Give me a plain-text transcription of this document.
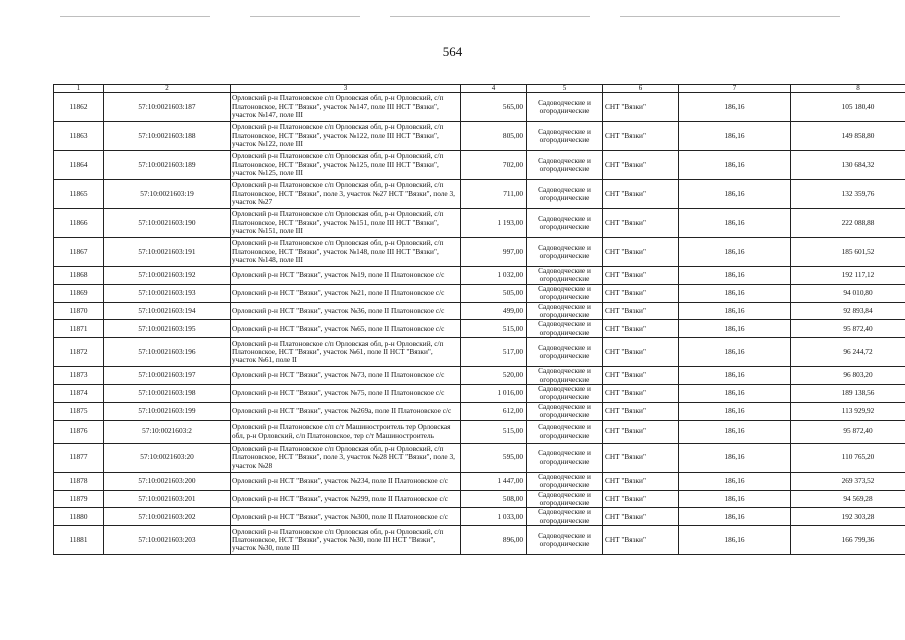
564
1	2	3	4	5	6	7	8
11862	57:10:0021603:187	Орловский р-н Платоновское с/п Орловская обл, р-н Орловский, с/п Платоновское, НСТ "Вязки", участок №147, поле III НСТ "Вязки", участок №147, поле III	565,00	Садоводческие и огороднические	СНТ "Вязки"	186,16	105 180,40
11863	57:10:0021603:188	Орловский р-н Платоновское с/п Орловская обл, р-н Орловский, с/п Платоновское, НСТ "Вязки", участок №122, поле III НСТ "Вязки", участок №122, поле III	805,00	Садоводческие и огороднические	СНТ "Вязки"	186,16	149 858,80
11864	57:10:0021603:189	Орловский р-н Платоновское с/п Орловская обл, р-н Орловский, с/п Платоновское, НСТ "Вязки", участок №125, поле III НСТ "Вязки", участок №125, поле III	702,00	Садоводческие и огороднические	СНТ "Вязки"	186,16	130 684,32
11865	57:10:0021603:19	Орловский р-н Платоновское с/п Орловская обл, р-н Орловский, с/п Платоновское, НСТ "Вязки", поле 3, участок №27 НСТ "Вязки", поле 3, участок №27	711,00	Садоводческие и огороднические	СНТ "Вязки"	186,16	132 359,76
11866	57:10:0021603:190	Орловский р-н Платоновское с/п Орловская обл, р-н Орловский, с/п Платоновское, НСТ "Вязки", участок №151, поле III НСТ "Вязки", участок №151, поле III	1 193,00	Садоводческие и огороднические	СНТ "Вязки"	186,16	222 088,88
11867	57:10:0021603:191	Орловский р-н Платоновское с/п Орловская обл, р-н Орловский, с/п Платоновское, НСТ "Вязки", участок №148, поле III НСТ "Вязки", участок №148, поле III	997,00	Садоводческие и огороднические	СНТ "Вязки"	186,16	185 601,52
11868	57:10:0021603:192	Орловский р-н НСТ "Вязки", участок №19, поле II Платоновское с/с	1 032,00	Садоводческие и огороднические	СНТ "Вязки"	186,16	192 117,12
11869	57:10:0021603:193	Орловский р-н НСТ "Вязки", участок №21, поле II Платоновское с/с	505,00	Садоводческие и огороднические	СНТ "Вязки"	186,16	94 010,80
11870	57:10:0021603:194	Орловский р-н НСТ "Вязки", участок №36, поле II Платоновское с/с	499,00	Садоводческие и огороднические	СНТ "Вязки"	186,16	92 893,84
11871	57:10:0021603:195	Орловский р-н НСТ "Вязки", участок №65, поле II Платоновское с/с	515,00	Садоводческие и огороднические	СНТ "Вязки"	186,16	95 872,40
11872	57:10:0021603:196	Орловский р-н Платоновское с/п Орловская обл, р-н Орловский, с/п Платоновское, НСТ "Вязки", участок №61, поле II НСТ "Вязки", участок №61, поле II	517,00	Садоводческие и огороднические	СНТ "Вязки"	186,16	96 244,72
11873	57:10:0021603:197	Орловский р-н НСТ "Вязки", участок №73, поле II Платоновское с/с	520,00	Садоводческие и огороднические	СНТ "Вязки"	186,16	96 803,20
11874	57:10:0021603:198	Орловский р-н НСТ "Вязки", участок №75, поле II Платоновское с/с	1 016,00	Садоводческие и огороднические	СНТ "Вязки"	186,16	189 138,56
11875	57:10:0021603:199	Орловский р-н НСТ "Вязки", участок №269а, поле II Платоновское с/с	612,00	Садоводческие и огороднические	СНТ "Вязки"	186,16	113 929,92
11876	57:10:0021603:2	Орловский р-н Платоновское с/п с/т Машиностроитель тер Орловская обл, р-н Орловский, с/п Платоновское, тер с/т Машиностроитель	515,00	Садоводческие и огороднические	СНТ "Вязки"	186,16	95 872,40
11877	57:10:0021603:20	Орловский р-н Платоновское с/п Орловская обл, р-н Орловский, с/п Платоновское, НСТ "Вязки", поле 3, участок №28 НСТ "Вязки", поле 3, участок №28	595,00	Садоводческие и огороднические	СНТ "Вязки"	186,16	110 765,20
11878	57:10:0021603:200	Орловский р-н НСТ "Вязки", участок №234, поле II Платоновское с/с	1 447,00	Садоводческие и огороднические	СНТ "Вязки"	186,16	269 373,52
11879	57:10:0021603:201	Орловский р-н НСТ "Вязки", участок №299, поле II Платоновское с/с	508,00	Садоводческие и огороднические	СНТ "Вязки"	186,16	94 569,28
11880	57:10:0021603:202	Орловский р-н НСТ "Вязки", участок №300, поле II Платоновское с/с	1 033,00	Садоводческие и огороднические	СНТ "Вязки"	186,16	192 303,28
11881	57:10:0021603:203	Орловский р-н Платоновское с/п Орловская обл, р-н Орловский, с/п Платоновское, НСТ "Вязки", участок №30, поле III НСТ "Вязки", участок №30, поле III	896,00	Садоводческие и огороднические	СНТ "Вязки"	186,16	166 799,36
